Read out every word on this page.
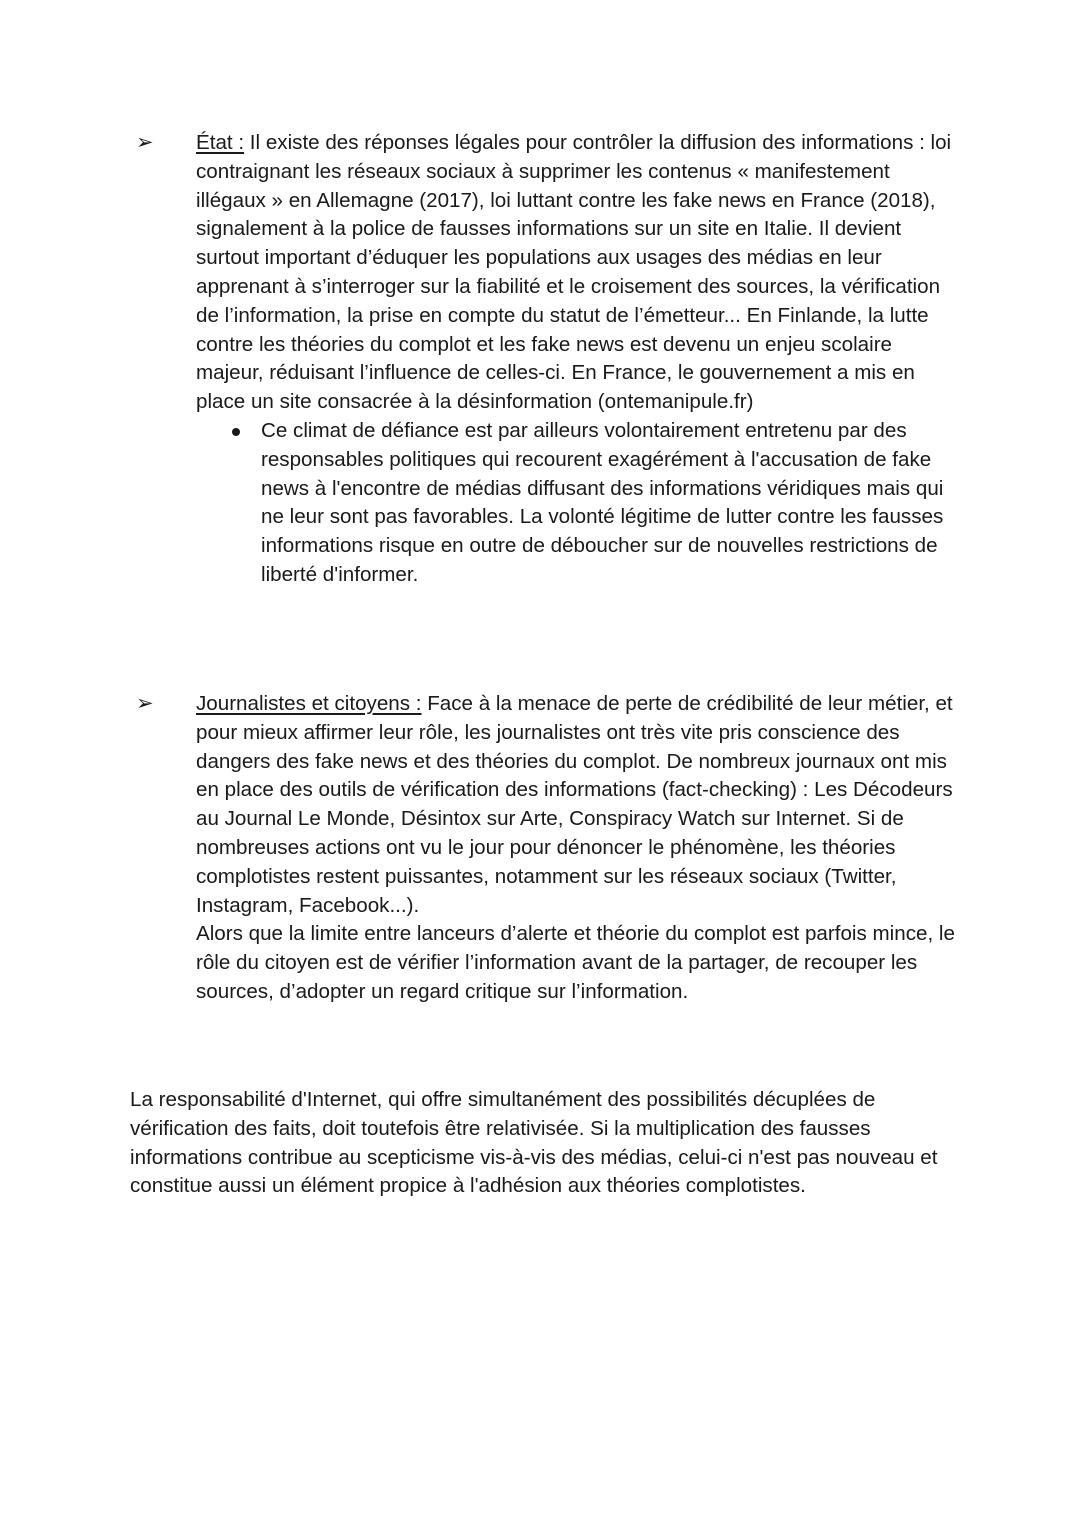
➢ État : Il existe des réponses légales pour contrôler la diffusion des informations : loi contraignant les réseaux sociaux à supprimer les contenus « manifestement illégaux » en Allemagne (2017), loi luttant contre les fake news en France (2018), signalement à la police de fausses informations sur un site en Italie. Il devient surtout important d’éduquer les populations aux usages des médias en leur apprenant à s’interroger sur la fiabilité et le croisement des sources, la vérification de l’information, la prise en compte du statut de l’émetteur... En Finlande, la lutte contre les théories du complot et les fake news est devenu un enjeu scolaire majeur, réduisant l’influence de celles-ci. En France, le gouvernement a mis en place un site consacrée à la désinformation (ontemanipule.fr)

Ce climat de défiance est par ailleurs volontairement entretenu par des responsables politiques qui recourent exagérément à l'accusation de fake news à l'encontre de médias diffusant des informations véridiques mais qui ne leur sont pas favorables. La volonté légitime de lutter contre les fausses informations risque en outre de déboucher sur de nouvelles restrictions de liberté d'informer.

➢ Journalistes et citoyens : Face à la menace de perte de crédibilité de leur métier, et pour mieux affirmer leur rôle, les journalistes ont très vite pris conscience des dangers des fake news et des théories du complot. De nombreux journaux ont mis en place des outils de vérification des informations (fact-checking) : Les Décodeurs au Journal Le Monde, Désintox sur Arte, Conspiracy Watch sur Internet. Si de nombreuses actions ont vu le jour pour dénoncer le phénomène, les théories complotistes restent puissantes, notamment sur les réseaux sociaux (Twitter, Instagram, Facebook...).

Alors que la limite entre lanceurs d’alerte et théorie du complot est parfois mince, le rôle du citoyen est de vérifier l’information avant de la partager, de recouper les sources, d’adopter un regard critique sur l’information.

La responsabilité d'Internet, qui offre simultanément des possibilités décuplées de vérification des faits, doit toutefois être relativisée. Si la multiplication des fausses informations contribue au scepticisme vis-à-vis des médias, celui-ci n'est pas nouveau et constitue aussi un élément propice à l'adhésion aux théories complotistes.
